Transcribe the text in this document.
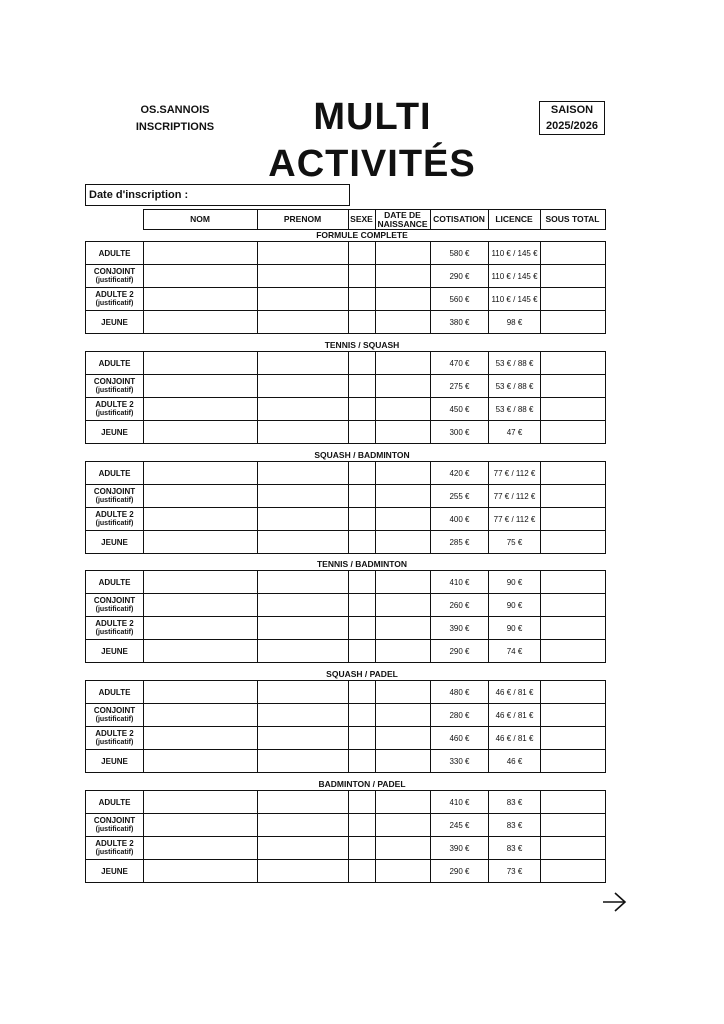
OS.SANNOIS
INSCRIPTIONS	MULTI
ACTIVITÉS
SAISON
2025/2026
Date d'inscription :
	NOM	PRENOM	SEXE	DATE DE
NAISSANCE	COTISATION	LICENCE	SOUS TOTAL
FORMULE COMPLETE
ADULTE					580 €	110 € / 145 €	
CONJOINT
(justificatif)					290 €	110 € / 145 €	
ADULTE 2
(justificatif)					560 €	110 € / 145 €	
JEUNE					380 €	98 €	
TENNIS / SQUASH
ADULTE					470 €	53 € / 88 €	
CONJOINT
(justificatif)					275 €	53 € / 88 €	
ADULTE 2
(justificatif)					450 €	53 € / 88 €	
JEUNE					300 €	47 €	
SQUASH / BADMINTON
ADULTE					420 €	77 € / 112 €	
CONJOINT
(justificatif)					255 €	77 € / 112 €	
ADULTE 2
(justificatif)					400 €	77 € / 112 €	
JEUNE					285 €	75 €	
TENNIS / BADMINTON
ADULTE					410 €	90 €	
CONJOINT
(justificatif)					260 €	90 €	
ADULTE 2
(justificatif)					390 €	90 €	
JEUNE					290 €	74 €	
SQUASH / PADEL
ADULTE					480 €	46 € / 81 €	
CONJOINT
(justificatif)					280 €	46 € / 81 €	
ADULTE 2
(justificatif)					460 €	46 € / 81 €	
JEUNE					330 €	46 €	
BADMINTON / PADEL
ADULTE					410 €	83 €	
CONJOINT
(justificatif)					245 €	83 €	
ADULTE 2
(justificatif)					390 €	83 €	
JEUNE					290 €	73 €	
